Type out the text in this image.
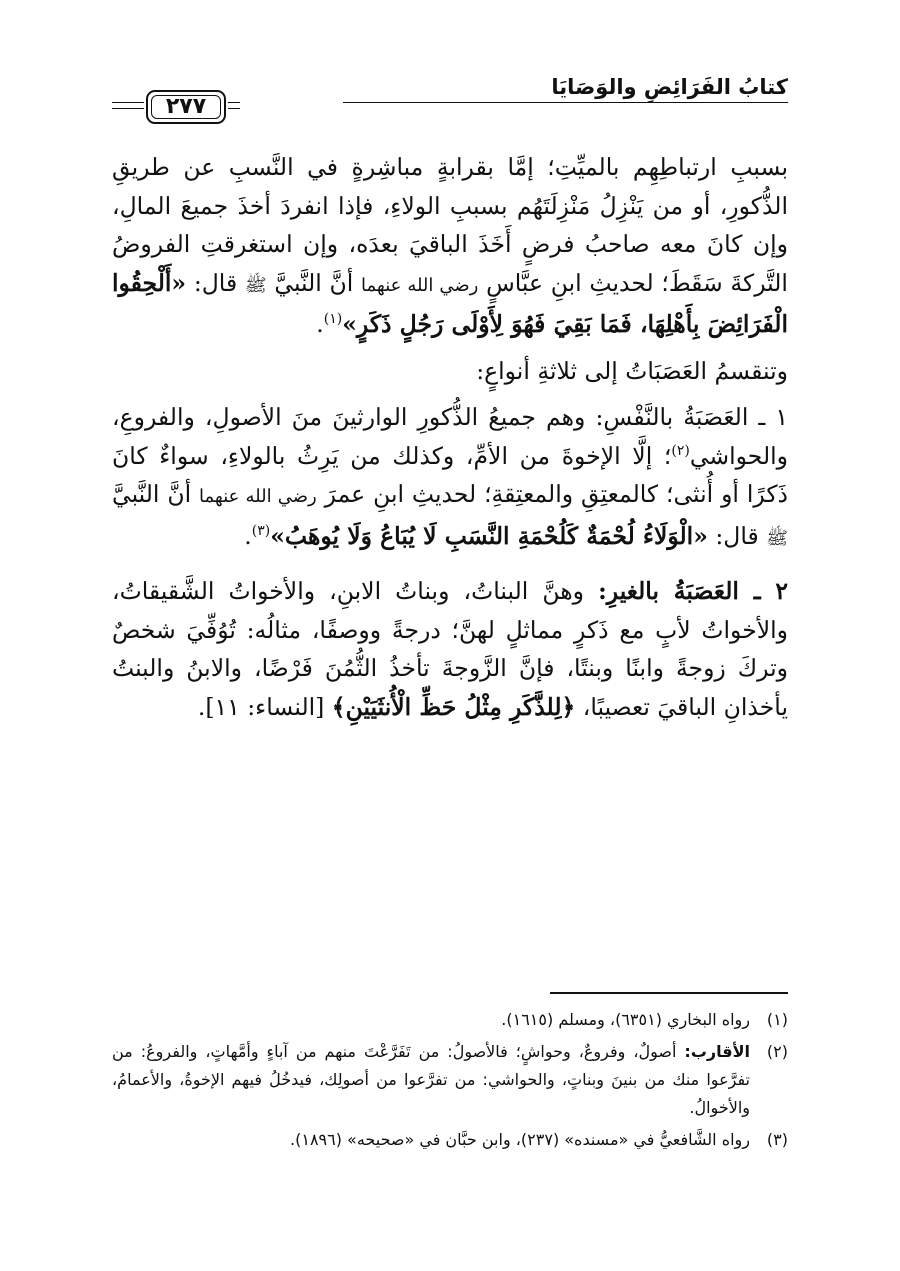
كتابُ الفَرَائِضِ والوَصَايَا
٢٧٧

بسببِ ارتباطِهِم بالميِّتِ؛ إمَّا بقرابةٍ مباشِرةٍ في النَّسبِ عن طريقِ الذُّكورِ، أو من يَنْزِلُ مَنْزِلَتَهُم بسببِ الولاءِ، فإذا انفردَ أخذَ جميعَ المالِ، وإن كانَ معه صاحبُ فرضٍ أَخَذَ الباقيَ بعدَه، وإن استغرقتِ الفروضُ التَّركةَ سَقَطَ؛ لحديثِ ابنِ عبَّاسٍ رضي الله عنهما أنَّ النَّبيَّ ﷺ قال: «أَلْحِقُوا الْفَرَائِضَ بِأَهْلِهَا، فَمَا بَقِيَ فَهُوَ لِأَوْلَى رَجُلٍ ذَكَرٍ»$^{(١)}$.

وتنقسمُ العَصَبَاتُ إلى ثلاثةِ أنواعٍ:

١ ـ العَصَبَةُ بالنَّفْسِ: وهم جميعُ الذُّكورِ الوارثينَ منَ الأصولِ، والفروعِ، والحواشي$^{(٢)}$؛ إلَّا الإخوةَ من الأمِّ، وكذلك من يَرِثُ بالولاءِ، سواءٌ كانَ ذَكرًا أو أُنثى؛ كالمعتِقِ والمعتِقةِ؛ لحديثِ ابنِ عمرَ رضي الله عنهما أنَّ النَّبيَّ ﷺ قال: «الْوَلَاءُ لُحْمَةٌ كَلُحْمَةِ النَّسَبِ لَا يُبَاعُ وَلَا يُوهَبُ»$^{(٣)}$.

٢ ـ العَصَبَةُ بالغيرِ: وهنَّ البناتُ، وبناتُ الابنِ، والأخواتُ الشَّقيقاتُ، والأخواتُ لأبٍ مع ذَكرٍ مماثلٍ لهنَّ؛ درجةً ووصفًا، مثالُه: تُوُفِّيَ شخصٌ وتركَ زوجةً وابنًا وبنتًا، فإنَّ الزَّوجةَ تأخذُ الثُّمُنَ فَرْضًا، والابنُ والبنتُ يأخذانِ الباقيَ تعصيبًا، ﴿لِلذَّكَرِ مِثْلُ حَظِّ الْأُنثَيَيْنِ﴾ [النساء: ١١].

(١)
رواه البخاري (٦٣٥١)، ومسلم (١٦١٥).
(٢)
الأقارب: أصولٌ، وفروعٌ، وحواشٍ؛ فالأصولُ: من تَفَرَّعْتَ منهم من آباءٍ وأمَّهاتٍ، والفروعُ: من تفرَّعوا منك من بنينَ وبناتٍ، والحواشي: من تفرَّعوا من أصولِك، فيدخُلُ فيهم الإخوةُ، والأعمامُ، والأخوالُ.
(٣)
رواه الشَّافعيُّ في «مسنده» (٢٣٧)، وابن حبَّان في «صحيحه» (١٨٩٦).
